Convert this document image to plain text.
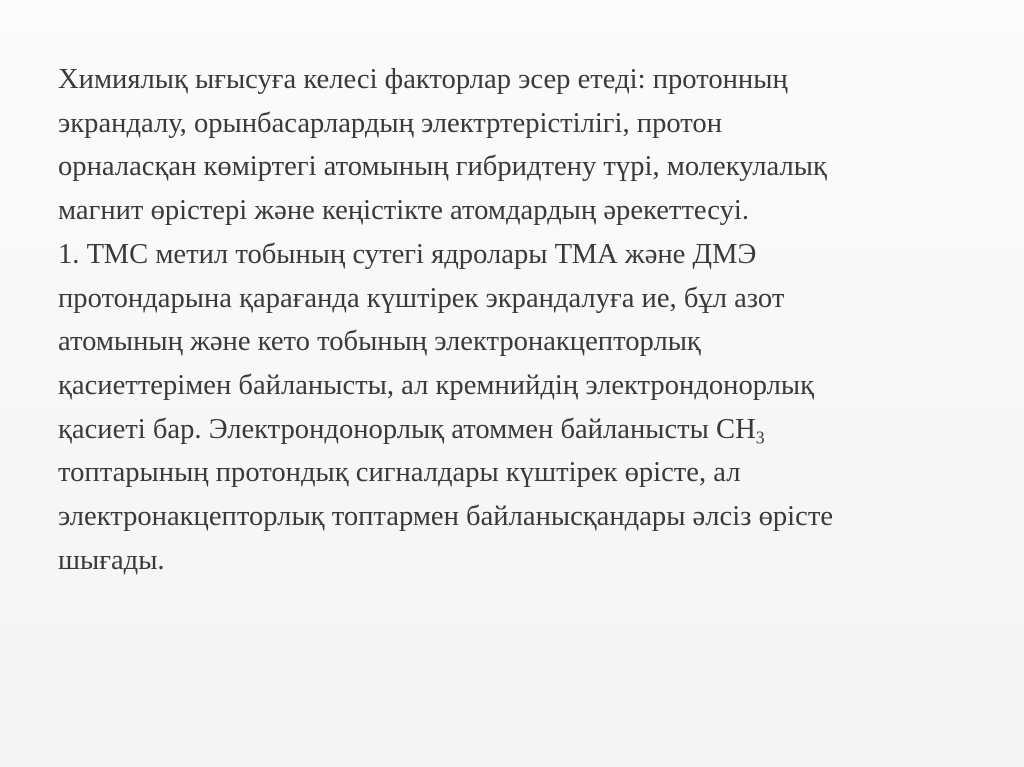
Химиялық ығысуға келесі факторлар эсер етеді: протонның
экрандалу, орынбасарлардың электртерістілігі, протон
орналасқан көміртегі атомының гибридтену түрі, молекулалық
магнит өрістері және кеңістікте атомдардың әрекеттесуі.
1. ТМС метил тобының сутегі ядролары ТМА және ДМЭ
протондарына қарағанда күштірек экрандалуға ие, бұл азот
атомының және кето тобының электронакцепторлық
қасиеттерімен байланысты, ал кремнийдің электрондонорлық
қасиеті бар. Электрондонорлық атоммен байланысты $СН_3$
топтарының протондық сигналдары күштірек өрісте, ал
электронакцепторлық топтармен байланысқандары әлсіз өрісте
шығады.
